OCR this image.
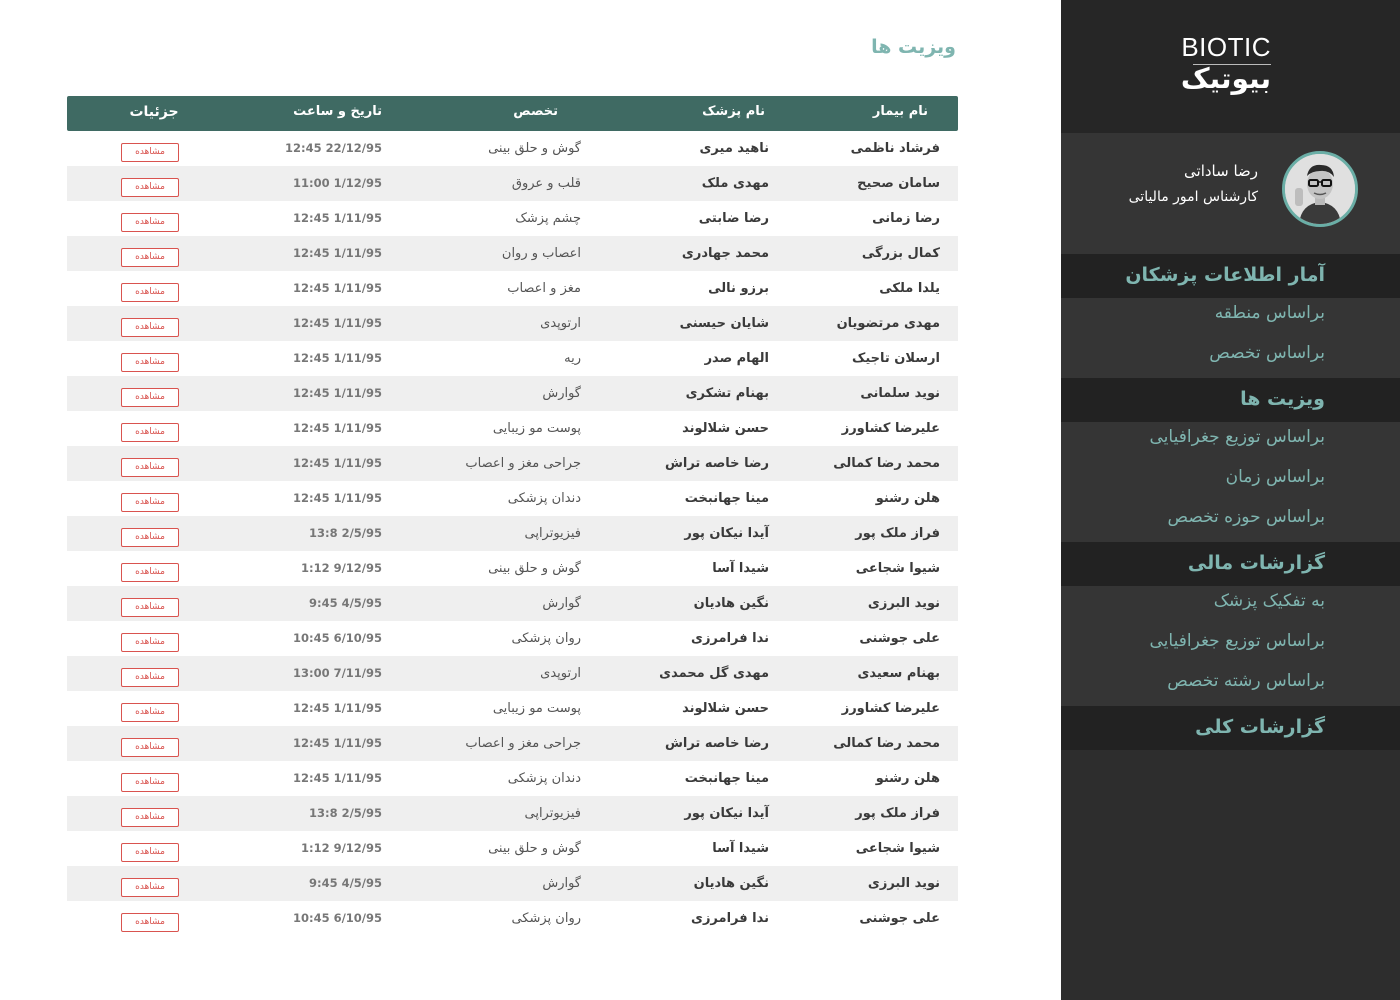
ویزیت ها
نام بیمار
نام پزشک
تخصص
تاریخ و ساعت
جزئیات
فرشاد ناظمی
ناهید میری
گوش و حلق بینی
12:45 22/12/95
مشاهده
سامان صحیح
مهدی ملک
قلب و عروق
11:00 1/12/95
مشاهده
رضا زمانی
رضا ضابتی
چشم پزشک
12:45 1/11/95
مشاهده
کمال بزرگی
محمد جهادری
اعصاب و روان
12:45 1/11/95
مشاهده
یلدا ملکی
برزو نالی
مغز و اعصاب
12:45 1/11/95
مشاهده
مهدی مرتضویان
شایان حیسنی
ارتوپدی
12:45 1/11/95
مشاهده
ارسلان تاجیک
الهام صدر
ریه
12:45 1/11/95
مشاهده
نوید سلمانی
بهنام تشکری
گوارش
12:45 1/11/95
مشاهده
علیرضا کشاورز
حسن شلالوند
پوست مو زیبایی
12:45 1/11/95
مشاهده
محمد رضا کمالی
رضا خاصه تراش
جراحی مغز و اعصاب
12:45 1/11/95
مشاهده
هلن رشنو
مینا جهانبخت
دندان پزشکی
12:45 1/11/95
مشاهده
فراز ملک پور
آیدا نیکان پور
فیزیوتراپی
13:8 2/5/95
مشاهده
شیوا شجاعی
شیدا آسا
گوش و حلق بینی
1:12 9/12/95
مشاهده
نوید البرزی
نگین هادیان
گوارش
9:45 4/5/95
مشاهده
علی جوشنی
ندا فرامرزی
روان پزشکی
10:45 6/10/95
مشاهده
بهنام سعیدی
مهدی گل محمدی
ارتوپدی
13:00 7/11/95
مشاهده
علیرضا کشاورز
حسن شلالوند
پوست مو زیبایی
12:45 1/11/95
مشاهده
محمد رضا کمالی
رضا خاصه تراش
جراحی مغز و اعصاب
12:45 1/11/95
مشاهده
هلن رشنو
مینا جهانبخت
دندان پزشکی
12:45 1/11/95
مشاهده
فراز ملک پور
آیدا نیکان پور
فیزیوتراپی
13:8 2/5/95
مشاهده
شیوا شجاعی
شیدا آسا
گوش و حلق بینی
1:12 9/12/95
مشاهده
نوید البرزی
نگین هادیان
گوارش
9:45 4/5/95
مشاهده
علی جوشنی
ندا فرامرزی
روان پزشکی
10:45 6/10/95
مشاهده
BIOTIC
بیوتیک
رضا ساداتی
کارشناس امور مالیاتی
آمار اطلاعات پزشکان
براساس منطقه
براساس تخصص
ویزیت ها
براساس توزیع جغرافیایی
براساس زمان
براساس حوزه تخصص
گزارشات مالی
به تفکیک پزشک
براساس توزیع جغرافیایی
براساس رشته تخصص
گزارشات کلی
